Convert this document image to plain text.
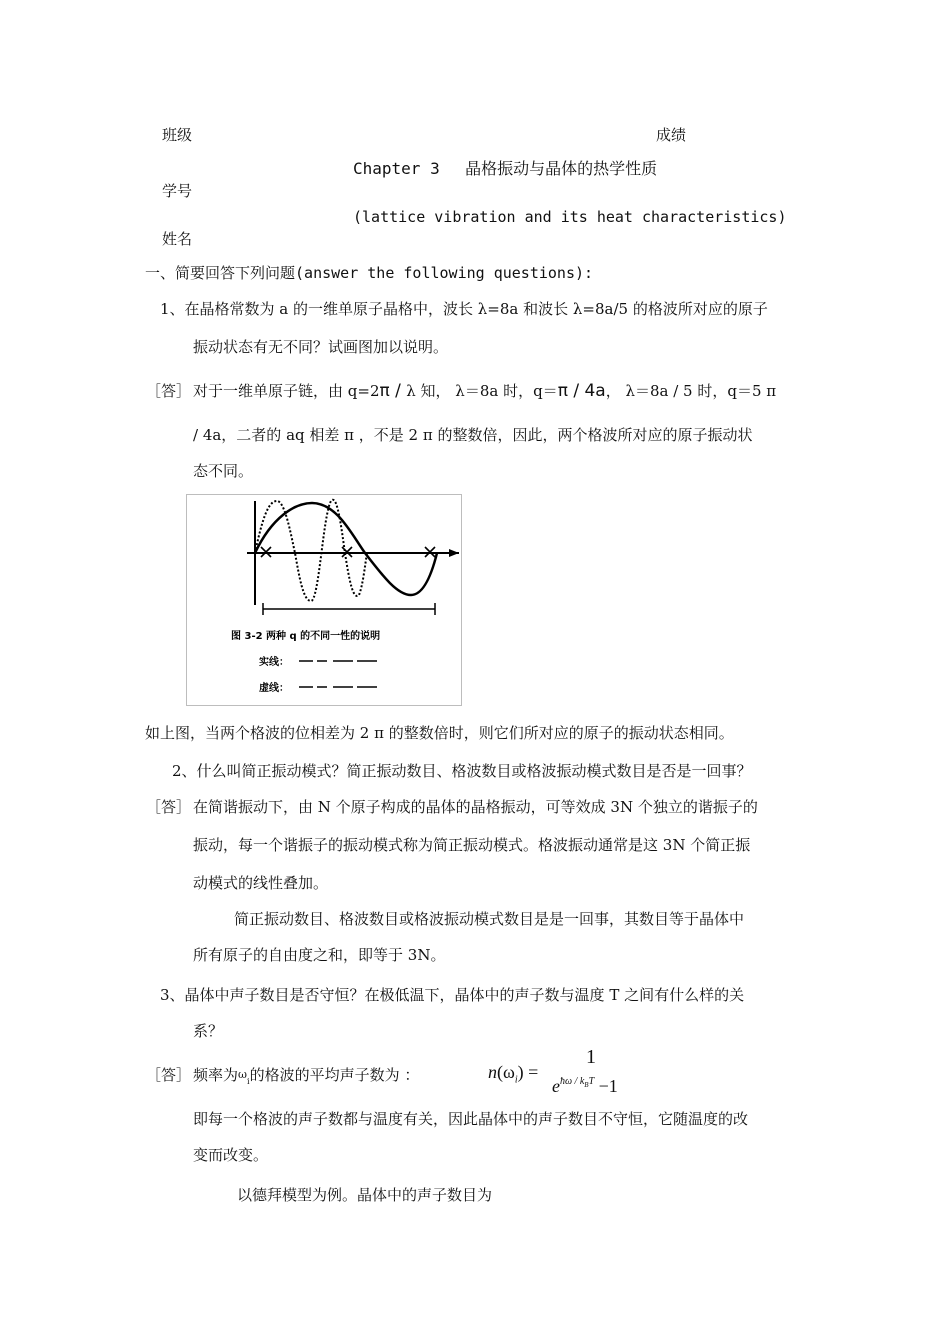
班级	成绩
Chapter 3 晶格振动与晶体的热学性质
学号
(lattice vibration and its heat characteristics)
姓名
一、简要回答下列问题(answer the following questions):
1、在晶格常数为 a 的一维单原子晶格中，波长 λ=8a 和波长 λ=8a/5 的格波所对应的原子
振动状态有无不同？试画图加以说明。
［答］ 对于一维单原子链，由 q=2π / λ 知， λ＝8a 时，q＝π / 4a， λ＝8a / 5 时，q＝5 π
/ 4a，二者的 aq 相差 π ，不是 2 π 的整数倍，因此，两个格波所对应的原子振动状
态不同。
图 3-2 两种 q 的不同一性的说明
实线：
虚线：
如上图，当两个格波的位相差为 2 π 的整数倍时，则它们所对应的原子的振动状态相同。
2、什么叫简正振动模式？简正振动数目、格波数目或格波振动模式数目是否是一回事？
［答］ 在简谐振动下，由 N 个原子构成的晶体的晶格振动，可等效成 3N 个独立的谐振子的
振动，每一个谐振子的振动模式称为简正振动模式。格波振动通常是这 3N 个简正振
动模式的线性叠加。
简正振动数目、格波数目或格波振动模式数目是是一回事，其数目等于晶体中
所有原子的自由度之和，即等于 3N。
3、晶体中声子数目是否守恒？在极低温下，晶体中的声子数与温度 T 之间有什么样的关
系？
［答］ 频率为$\omega_i$的格波的平均声子数为 ：	$n(\omega_i)$ =
1
$e^{ħ\omega / k_BT} -1$
即每一个格波的声子数都与温度有关，因此晶体中的声子数目不守恒，它随温度的改
变而改变。
以德拜模型为例。晶体中的声子数目为
